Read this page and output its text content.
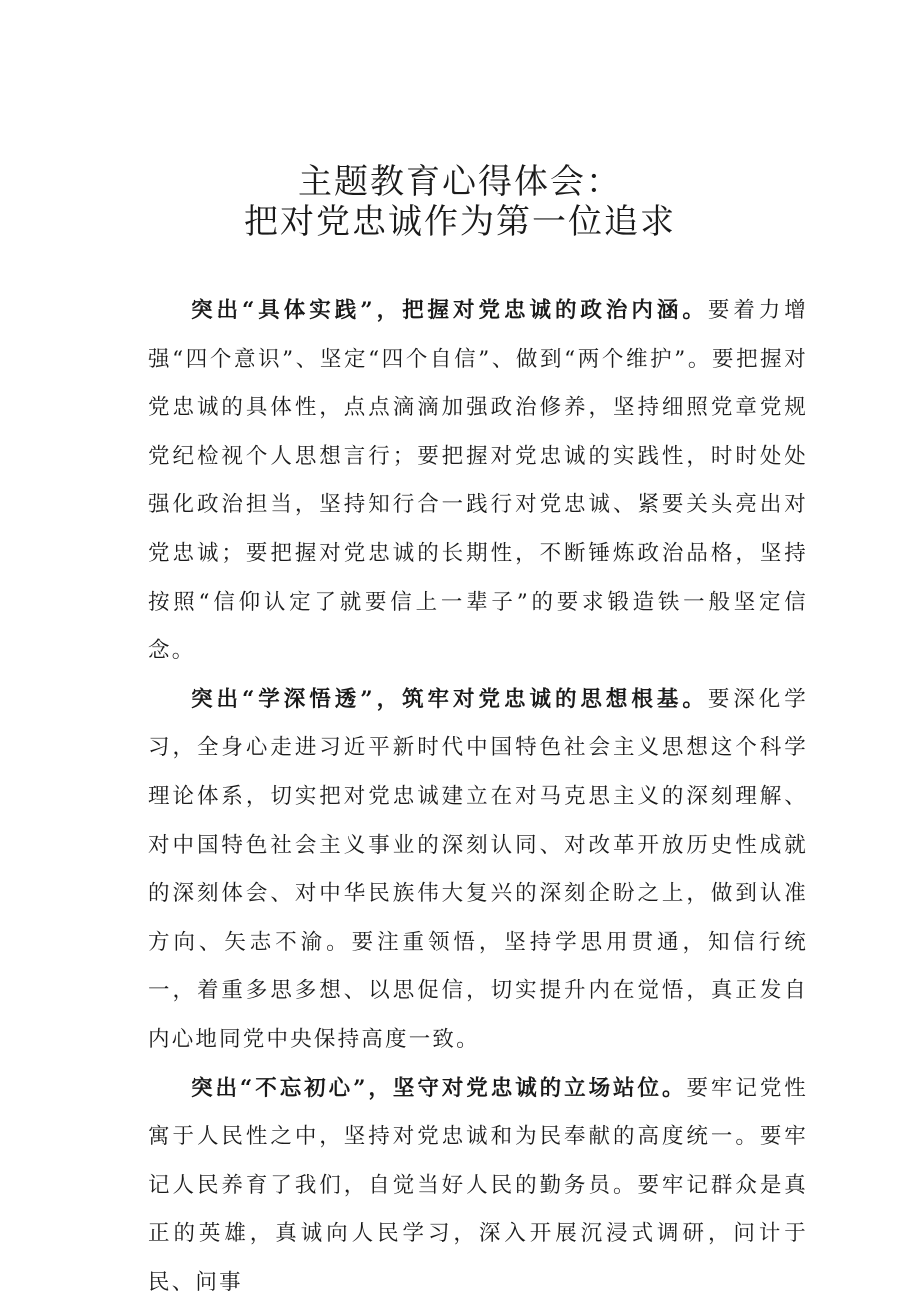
主题教育心得体会：
把对党忠诚作为第一位追求

突出“具体实践”，把握对党忠诚的政治内涵。要着力增强“四个意识”、坚定“四个自信”、做到“两个维护”。要把握对党忠诚的具体性，点点滴滴加强政治修养，坚持细照党章党规党纪检视个人思想言行；要把握对党忠诚的实践性，时时处处强化政治担当，坚持知行合一践行对党忠诚、紧要关头亮出对党忠诚；要把握对党忠诚的长期性，不断锤炼政治品格，坚持按照“信仰认定了就要信上一辈子”的要求锻造铁一般坚定信念。

突出“学深悟透”，筑牢对党忠诚的思想根基。要深化学习，全身心走进习近平新时代中国特色社会主义思想这个科学理论体系，切实把对党忠诚建立在对马克思主义的深刻理解、对中国特色社会主义事业的深刻认同、对改革开放历史性成就的深刻体会、对中华民族伟大复兴的深刻企盼之上，做到认准方向、矢志不渝。要注重领悟，坚持学思用贯通，知信行统一，着重多思多想、以思促信，切实提升内在觉悟，真正发自内心地同党中央保持高度一致。

突出“不忘初心”，坚守对党忠诚的立场站位。要牢记党性寓于人民性之中，坚持对党忠诚和为民奉献的高度统一。要牢记人民养育了我们，自觉当好人民的勤务员。要牢记群众是真正的英雄，真诚向人民学习，深入开展沉浸式调研，问计于民、问事
